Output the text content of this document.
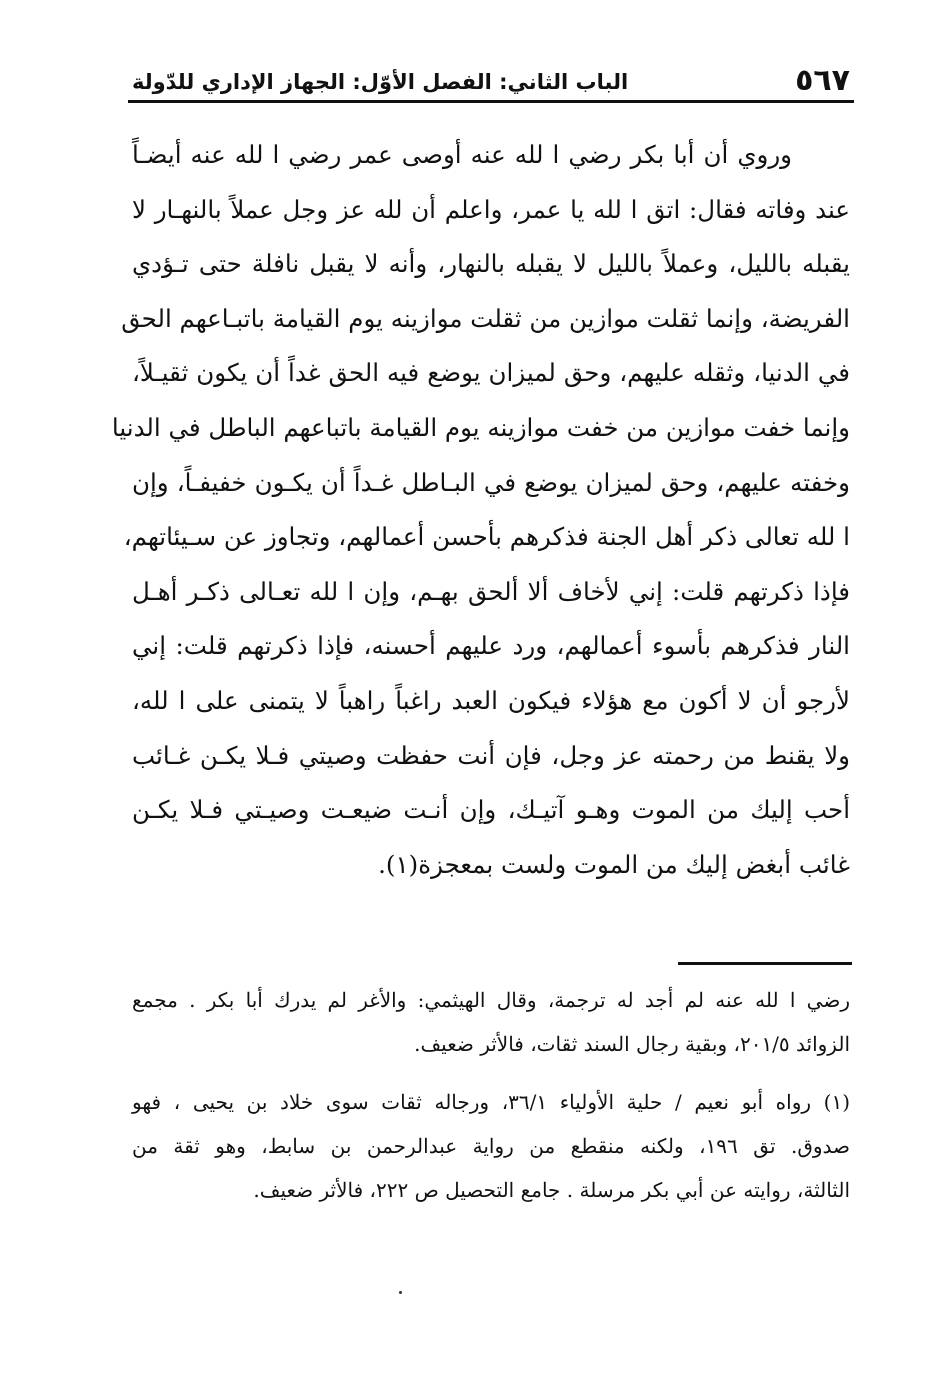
الباب الثاني: الفصل الأوّل: الجهاز الإداري للدّولة	٥٦٧
وروي أن أبا بكر رضي ا لله عنه أوصى عمر رضي ا لله عنه أيضـاً
عند وفاته فقال: اتق ا لله يا عمر، واعلم أن لله عز وجل عملاً بالنهـار لا
يقبله بالليل، وعملاً بالليل لا يقبله بالنهار، وأنه لا يقبل نافلة حتى تـؤدي
الفريضة، وإنما ثقلت موازين من ثقلت موازينه يوم القيامة باتبـاعهم الحق
في الدنيا، وثقله عليهم، وحق لميزان يوضع فيه الحق غداً أن يكون ثقيـلاً،
وإنما خفت موازين من خفت موازينه يوم القيامة باتباعهم الباطل في الدنيا
وخفته عليهم، وحق لميزان يوضع في البـاطل غـداً أن يكـون خفيفـاً، وإن
ا لله تعالى ذكر أهل الجنة فذكرهم بأحسن أعمالهم، وتجاوز عن سـيئاتهم،
فإذا ذكرتهم قلت: إني لأخاف ألا ألحق بهـم، وإن ا لله تعـالى ذكـر أهـل
النار فذكرهم بأسوء أعمالهم، ورد عليهم أحسنه، فإذا ذكرتهم قلت: إني
لأرجو أن لا أكون مع هؤلاء فيكون العبد راغباً راهباً لا يتمنى على ا لله،
ولا يقنط من رحمته عز وجل، فإن أنت حفظت وصيتي فـلا يكـن غـائب
أحب إليك من الموت وهـو آتيـك، وإن أنـت ضيعـت وصيـتي فـلا يكـن
غائب أبغض إليك من الموت ولست بمعجزة(١).
رضي ا لله عنه لم أجد له ترجمة، وقال الهيثمي: والأغر لم يدرك أبا بكر . مجمع
الزوائد ٢٠١/٥، وبقية رجال السند ثقات، فالأثر ضعيف.
(١) رواه أبو نعيم / حلية الأولياء ٣٦/١، ورجاله ثقات سوى خلاد بن يحيى ، فهو
صدوق. تق ١٩٦، ولكنه منقطع من رواية عبدالرحمن بن سابط، وهو ثقة من
الثالثة، روايته عن أبي بكر مرسلة . جامع التحصيل ص ٢٢٢، فالأثر ضعيف.
